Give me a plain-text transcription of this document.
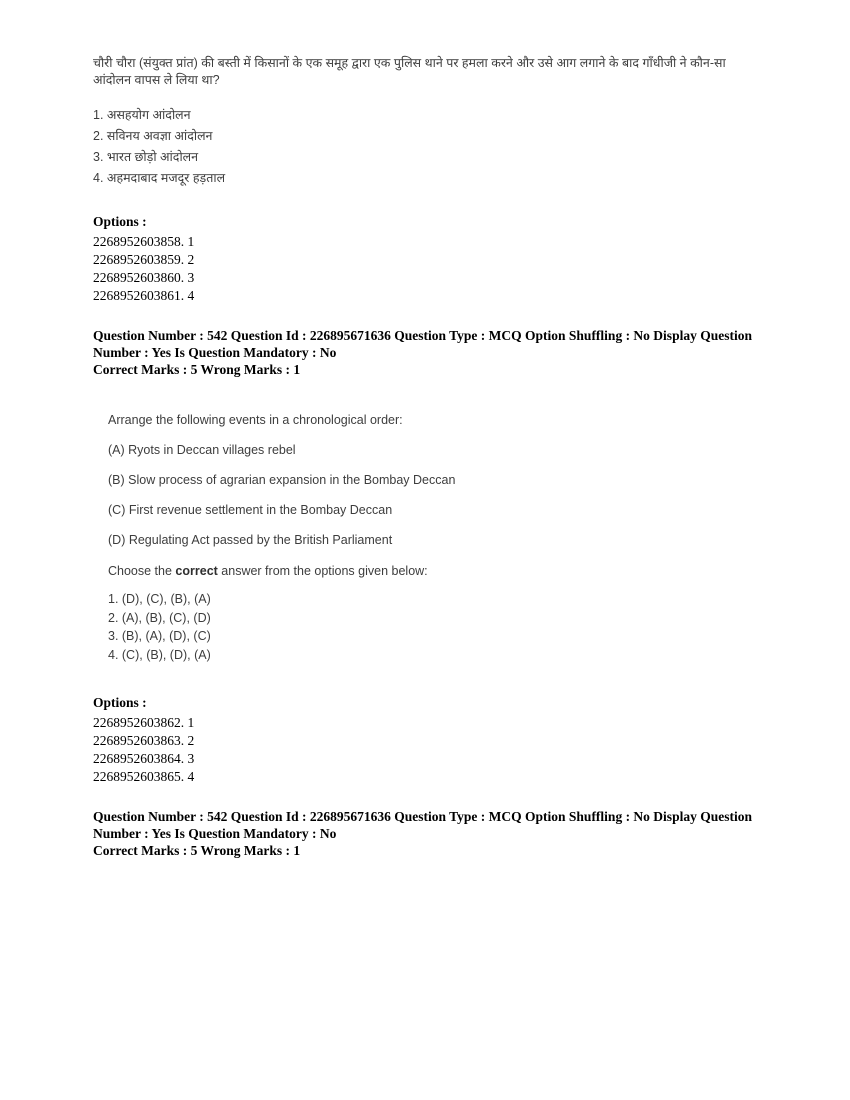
चौरी चौरा (संयुक्त प्रांत) की बस्ती में किसानों के एक समूह द्वारा एक पुलिस थाने पर हमला करने और उसे आग लगाने के बाद गाँधीजी ने कौन-सा आंदोलन वापस ले लिया था?

1. असहयोग आंदोलन
2. सविनय अवज्ञा आंदोलन
3. भारत छोड़ो आंदोलन
4. अहमदाबाद मजदूर हड़ताल
Options :
2268952603858. 1
2268952603859. 2
2268952603860. 3
2268952603861. 4
Question Number : 542 Question Id : 226895671636 Question Type : MCQ Option Shuffling : No Display Question Number : Yes Is Question Mandatory : No
Correct Marks : 5 Wrong Marks : 1

Arrange the following events in a chronological order:

(A) Ryots in Deccan villages rebel

(B) Slow process of agrarian expansion in the Bombay Deccan

(C) First revenue settlement in the Bombay Deccan

(D) Regulating Act passed by the British Parliament

Choose the correct answer from the options given below:

1. (D), (C), (B), (A)
2. (A), (B), (C), (D)
3. (B), (A), (D), (C)
4. (C), (B), (D), (A)
Options :
2268952603862. 1
2268952603863. 2
2268952603864. 3
2268952603865. 4
Question Number : 542 Question Id : 226895671636 Question Type : MCQ Option Shuffling : No Display Question Number : Yes Is Question Mandatory : No
Correct Marks : 5 Wrong Marks : 1
